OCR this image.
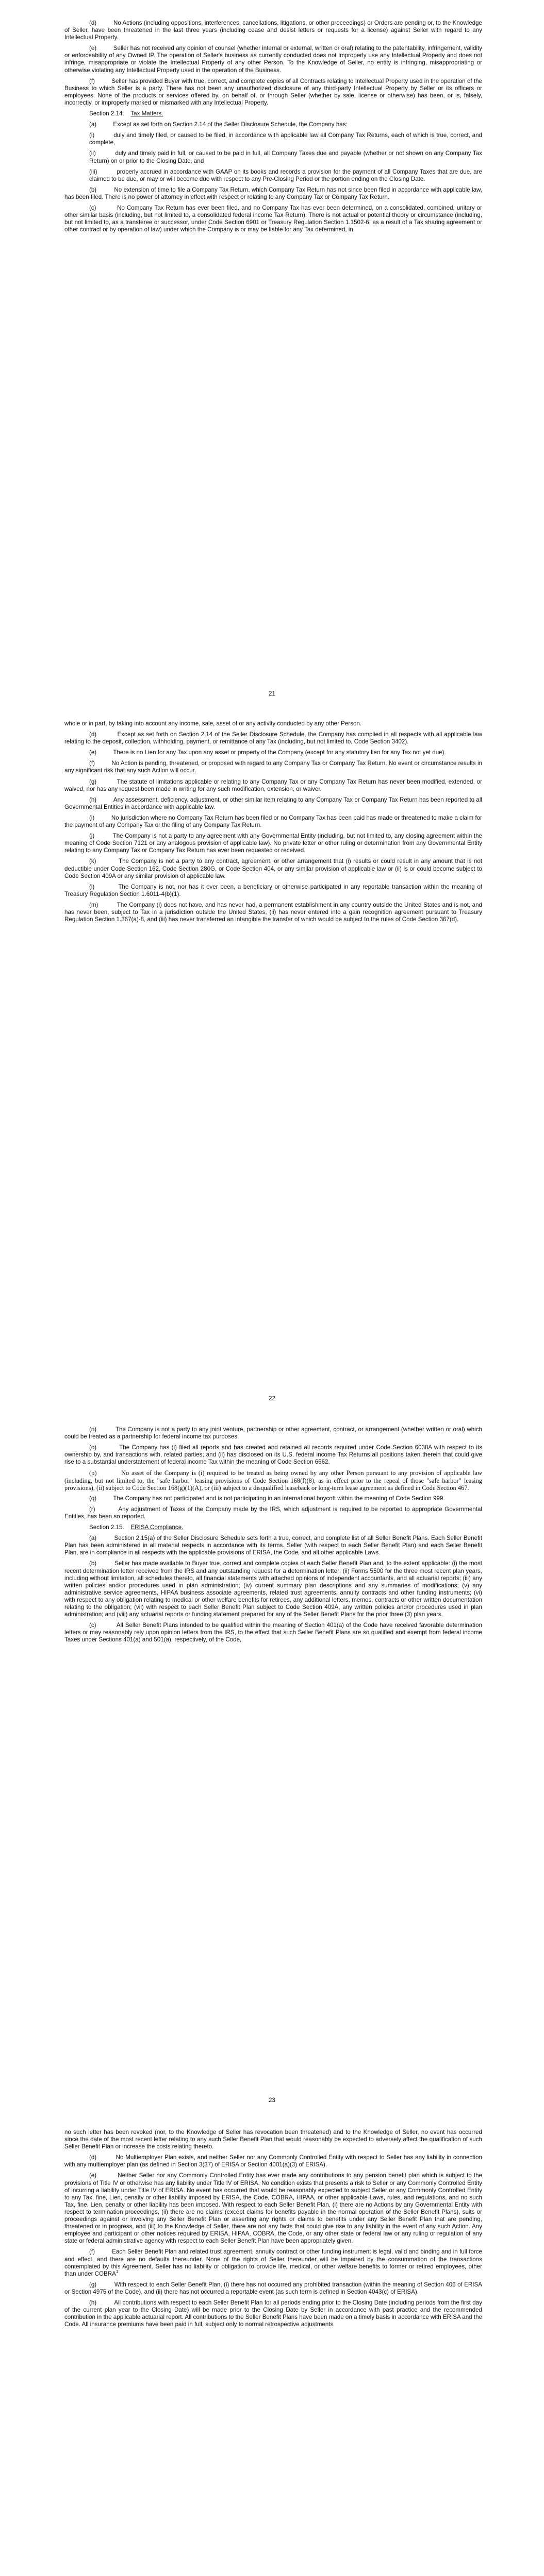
(d)	No Actions (including oppositions, interferences, cancellations, litigations, or other proceedings) or Orders are pending or, to the Knowledge of Seller, have been threatened in the last three years (including cease and desist letters or requests for a license) against Seller with regard to any Intellectual Property.

(e)	Seller has not received any opinion of counsel (whether internal or external, written or oral) relating to the patentability, infringement, validity or enforceability of any Owned IP. The operation of Seller's business as currently conducted does not improperly use any Intellectual Property and does not infringe, misappropriate or violate the Intellectual Property of any other Person. To the Knowledge of Seller, no entity is infringing, misappropriating or otherwise violating any Intellectual Property used in the operation of the Business.

(f)	Seller has provided Buyer with true, correct, and complete copies of all Contracts relating to Intellectual Property used in the operation of the Business to which Seller is a party. There has not been any unauthorized disclosure of any third-party Intellectual Property by Seller or its officers or employees. None of the products or services offered by, on behalf of, or through Seller (whether by sale, license or otherwise) has been, or is, falsely, incorrectly, or improperly marked or mismarked with any Intellectual Property.

Section 2.14. Tax Matters.

(a)	Except as set forth on Section 2.14 of the Seller Disclosure Schedule, the Company has:

(i)	duly and timely filed, or caused to be filed, in accordance with applicable law all Company Tax Returns, each of which is true, correct, and complete,

(ii)	duly and timely paid in full, or caused to be paid in full, all Company Taxes due and payable (whether or not shown on any Company Tax Return) on or prior to the Closing Date, and

(iii)	properly accrued in accordance with GAAP on its books and records a provision for the payment of all Company Taxes that are due, are claimed to be due, or may or will become due with respect to any Pre-Closing Period or the portion ending on the Closing Date.

(b)	No extension of time to file a Company Tax Return, which Company Tax Return has not since been filed in accordance with applicable law, has been filed. There is no power of attorney in effect with respect or relating to any Company Tax or Company Tax Return.

(c)	No Company Tax Return has ever been filed, and no Company Tax has ever been determined, on a consolidated, combined, unitary or other similar basis (including, but not limited to, a consolidated federal income Tax Return). There is not actual or potential theory or circumstance (including, but not limited to, as a transferee or successor, under Code Section 6901 or Treasury Regulation Section 1.1502-6, as a result of a Tax sharing agreement or other contract or by operation of law) under which the Company is or may be liable for any Tax determined, in

21

whole or in part, by taking into account any income, sale, asset of or any activity conducted by any other Person.

(d)	Except as set forth on Section 2.14 of the Seller Disclosure Schedule, the Company has complied in all respects with all applicable law relating to the deposit, collection, withholding, payment, or remittance of any Tax (including, but not limited to, Code Section 3402).

(e)	There is no Lien for any Tax upon any asset or property of the Company (except for any statutory lien for any Tax not yet due).

(f)	No Action is pending, threatened, or proposed with regard to any Company Tax or Company Tax Return. No event or circumstance results in any significant risk that any such Action will occur.

(g)	The statute of limitations applicable or relating to any Company Tax or any Company Tax Return has never been modified, extended, or waived, nor has any request been made in writing for any such modification, extension, or waiver.

(h)	Any assessment, deficiency, adjustment, or other similar item relating to any Company Tax or Company Tax Return has been reported to all Governmental Entities in accordance with applicable law.

(i)	No jurisdiction where no Company Tax Return has been filed or no Company Tax has been paid has made or threatened to make a claim for the payment of any Company Tax or the filing of any Company Tax Return.

(j)	The Company is not a party to any agreement with any Governmental Entity (including, but not limited to, any closing agreement within the meaning of Code Section 7121 or any analogous provision of applicable law). No private letter or other ruling or determination from any Governmental Entity relating to any Company Tax or Company Tax Return has ever been requested or received.

(k)	The Company is not a party to any contract, agreement, or other arrangement that (i) results or could result in any amount that is not deductible under Code Section 162, Code Section 280G, or Code Section 404, or any similar provision of applicable law or (ii) is or could become subject to Code Section 409A or any similar provision of applicable law.

(l)	The Company is not, nor has it ever been, a beneficiary or otherwise participated in any reportable transaction within the meaning of Treasury Regulation Section 1.6011-4(b)(1).

(m)	The Company (i) does not have, and has never had, a permanent establishment in any country outside the United States and is not, and has never been, subject to Tax in a jurisdiction outside the United States, (ii) has never entered into a gain recognition agreement pursuant to Treasury Regulation Section 1.367(a)-8, and (iii) has never transferred an intangible the transfer of which would be subject to the rules of Code Section 367(d).

22

(n)	The Company is not a party to any joint venture, partnership or other agreement, contract, or arrangement (whether written or oral) which could be treated as a partnership for federal income tax purposes.

(o)	The Company has (i) filed all reports and has created and retained all records required under Code Section 6038A with respect to its ownership by, and transactions with, related parties; and (ii) has disclosed on its U.S. federal income Tax Returns all positions taken therein that could give rise to a substantial understatement of federal income Tax within the meaning of Code Section 6662.

(p)	No asset of the Company is (i) required to be treated as being owned by any other Person pursuant to any provision of applicable law (including, but not limited to, the "safe harbor" leasing provisions of Code Section 168(f)(8), as in effect prior to the repeal of those "safe harbor" leasing provisions), (ii) subject to Code Section 168(g)(1)(A), or (iii) subject to a disqualified leaseback or long-term lease agreement as defined in Code Section 467.

(q)	The Company has not participated and is not participating in an international boycott within the meaning of Code Section 999.

(r)	Any adjustment of Taxes of the Company made by the IRS, which adjustment is required to be reported to appropriate Governmental Entities, has been so reported.

Section 2.15. ERISA Compliance.

(a)	Section 2.15(a) of the Seller Disclosure Schedule sets forth a true, correct, and complete list of all Seller Benefit Plans. Each Seller Benefit Plan has been administered in all material respects in accordance with its terms. Seller (with respect to each Seller Benefit Plan) and each Seller Benefit Plan, are in compliance in all respects with the applicable provisions of ERISA, the Code, and all other applicable Laws.

(b)	Seller has made available to Buyer true, correct and complete copies of each Seller Benefit Plan and, to the extent applicable: (i) the most recent determination letter received from the IRS and any outstanding request for a determination letter; (ii) Forms 5500 for the three most recent plan years, including without limitation, all schedules thereto, all financial statements with attached opinions of independent accountants, and all actuarial reports; (iii) any written policies and/or procedures used in plan administration; (iv) current summary plan descriptions and any summaries of modifications; (v) any administrative service agreements, HIPAA business associate agreements, related trust agreements, annuity contracts and other funding instruments; (vi) with respect to any obligation relating to medical or other welfare benefits for retirees, any additional letters, memos, contracts or other written documentation relating to the obligation; (vii) with respect to each Seller Benefit Plan subject to Code Section 409A, any written policies and/or procedures used in plan administration; and (viii) any actuarial reports or funding statement prepared for any of the Seller Benefit Plans for the prior three (3) plan years.

(c)	All Seller Benefit Plans intended to be qualified within the meaning of Section 401(a) of the Code have received favorable determination letters or may reasonably rely upon opinion letters from the IRS, to the effect that such Seller Benefit Plans are so qualified and exempt from federal income Taxes under Sections 401(a) and 501(a), respectively, of the Code,

23

no such letter has been revoked (nor, to the Knowledge of Seller has revocation been threatened) and to the Knowledge of Seller, no event has occurred since the date of the most recent letter relating to any such Seller Benefit Plan that would reasonably be expected to adversely affect the qualification of such Seller Benefit Plan or increase the costs relating thereto.

(d)	No Multiemployer Plan exists, and neither Seller nor any Commonly Controlled Entity with respect to Seller has any liability in connection with any multiemployer plan (as defined in Section 3(37) of ERISA or Section 4001(a)(3) of ERISA).

(e)	Neither Seller nor any Commonly Controlled Entity has ever made any contributions to any pension benefit plan which is subject to the provisions of Title IV or otherwise has any liability under Title IV of ERISA. No condition exists that presents a risk to Seller or any Commonly Controlled Entity of incurring a liability under Title IV of ERISA. No event has occurred that would be reasonably expected to subject Seller or any Commonly Controlled Entity to any Tax, fine, Lien, penalty or other liability imposed by ERISA, the Code, COBRA, HIPAA, or other applicable Laws, rules, and regulations, and no such Tax, fine, Lien, penalty or other liability has been imposed. With respect to each Seller Benefit Plan, (i) there are no Actions by any Governmental Entity with respect to termination proceedings, (ii) there are no claims (except claims for benefits payable in the normal operation of the Seller Benefit Plans), suits or proceedings against or involving any Seller Benefit Plan or asserting any rights or claims to benefits under any Seller Benefit Plan that are pending, threatened or in progress, and (iii) to the Knowledge of Seller, there are not any facts that could give rise to any liability in the event of any such Action. Any employee and participant or other notices required by ERISA, HIPAA, COBRA, the Code, or any other state or federal law or any ruling or regulation of any state or federal administrative agency with respect to each Seller Benefit Plan have been appropriately given.

(f)	Each Seller Benefit Plan and related trust agreement, annuity contract or other funding instrument is legal, valid and binding and in full force and effect, and there are no defaults thereunder. None of the rights of Seller thereunder will be impaired by the consummation of the transactions contemplated by this Agreement. Seller has no liability or obligation to provide life, medical, or other welfare benefits to former or retired employees, other than under COBRA$^1$

(g)	With respect to each Seller Benefit Plan, (i) there has not occurred any prohibited transaction (within the meaning of Section 406 of ERISA or Section 4975 of the Code), and (ii) there has not occurred a reportable event (as such term is defined in Section 4043(c) of ERISA).

(h)	All contributions with respect to each Seller Benefit Plan for all periods ending prior to the Closing Date (including periods from the first day of the current plan year to the Closing Date) will be made prior to the Closing Date by Seller in accordance with past practice and the recommended contribution in the applicable actuarial report. All contributions to the Seller Benefit Plans have been made on a timely basis in accordance with ERISA and the Code. All insurance premiums have been paid in full, subject only to normal retrospective adjustments
